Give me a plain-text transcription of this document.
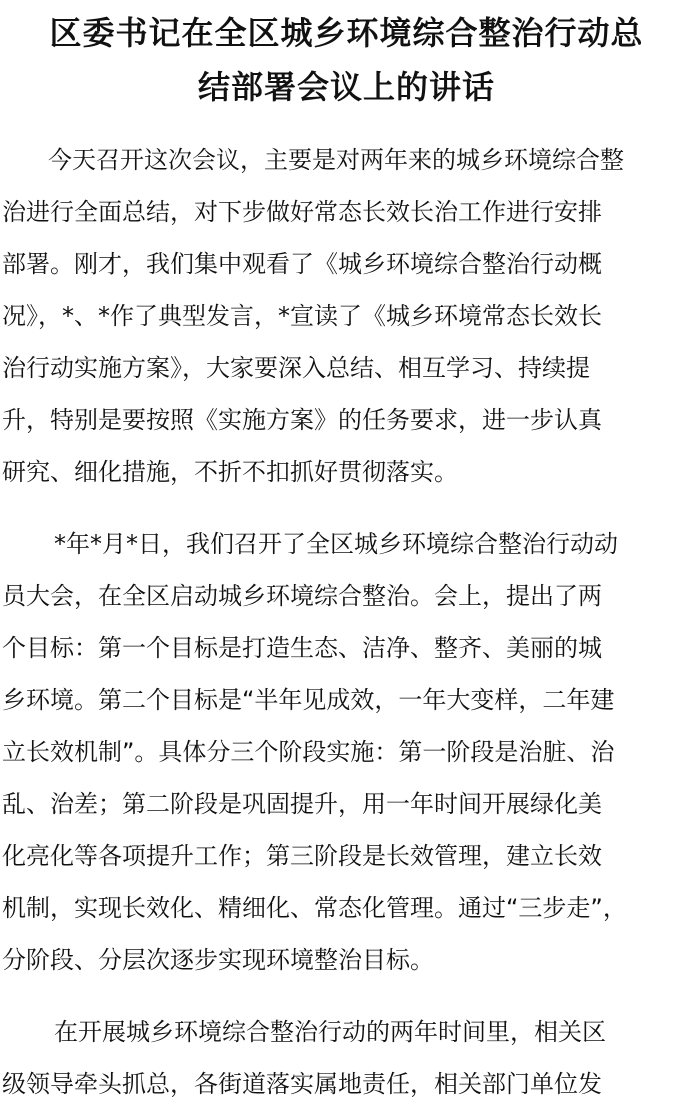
区委书记在全区城乡环境综合整治行动总
结部署会议上的讲话

今天召开这次会议，主要是对两年来的城乡环境综合整
治进行全面总结，对下步做好常态长效长治工作进行安排
部署。刚才，我们集中观看了《城乡环境综合整治行动概
况》，*、*作了典型发言，*宣读了《城乡环境常态长效长
治行动实施方案》，大家要深入总结、相互学习、持续提
升，特别是要按照《实施方案》的任务要求，进一步认真
研究、细化措施，不折不扣抓好贯彻落实。

*年*月*日，我们召开了全区城乡环境综合整治行动动
员大会，在全区启动城乡环境综合整治。会上，提出了两
个目标：第一个目标是打造生态、洁净、整齐、美丽的城
乡环境。第二个目标是“半年见成效，一年大变样，二年建
立长效机制”。具体分三个阶段实施：第一阶段是治脏、治
乱、治差；第二阶段是巩固提升，用一年时间开展绿化美
化亮化等各项提升工作；第三阶段是长效管理，建立长效
机制，实现长效化、精细化、常态化管理。通过“三步走”，
分阶段、分层次逐步实现环境整治目标。

在开展城乡环境综合整治行动的两年时间里，相关区
级领导牵头抓总，各街道落实属地责任，相关部门单位发
